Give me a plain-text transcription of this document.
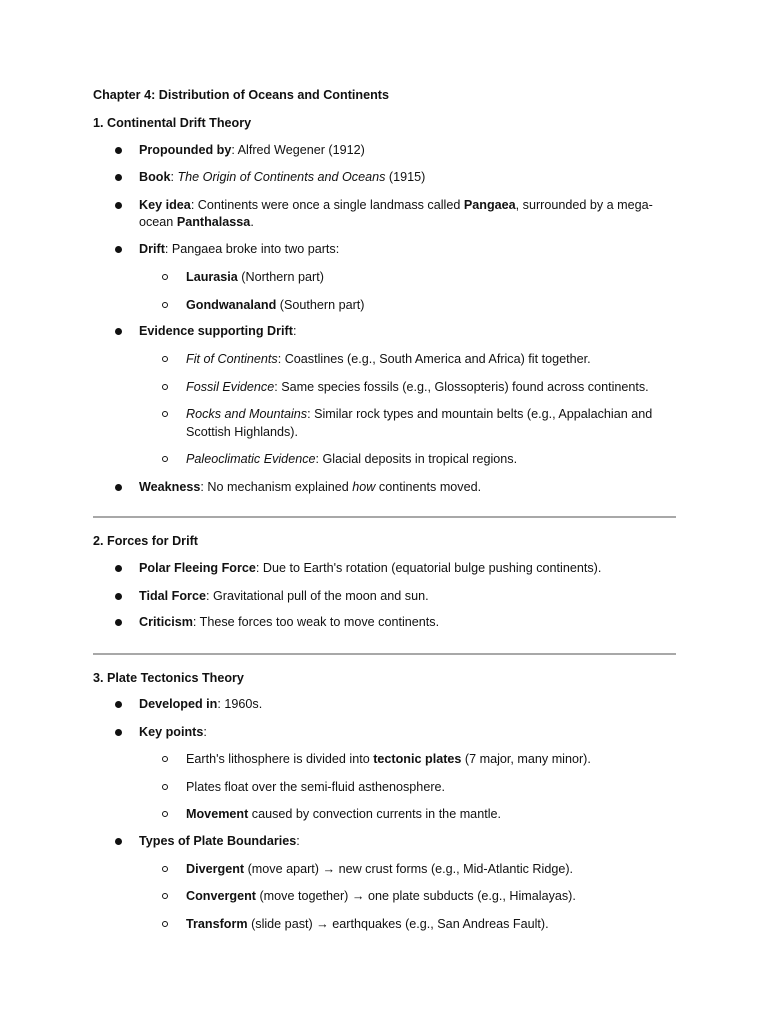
Chapter 4: Distribution of Oceans and Continents
1. Continental Drift Theory
Propounded by: Alfred Wegener (1912)
Book: The Origin of Continents and Oceans (1915)
Key idea: Continents were once a single landmass called Pangaea, surrounded by a mega-
ocean Panthalassa.
Drift: Pangaea broke into two parts:
Laurasia (Northern part)
Gondwanaland (Southern part)
Evidence supporting Drift:
Fit of Continents: Coastlines (e.g., South America and Africa) fit together.
Fossil Evidence: Same species fossils (e.g., Glossopteris) found across continents.
Rocks and Mountains: Similar rock types and mountain belts (e.g., Appalachian and
Scottish Highlands).
Paleoclimatic Evidence: Glacial deposits in tropical regions.
Weakness: No mechanism explained how continents moved.
2. Forces for Drift
Polar Fleeing Force: Due to Earth's rotation (equatorial bulge pushing continents).
Tidal Force: Gravitational pull of the moon and sun.
Criticism: These forces too weak to move continents.
3. Plate Tectonics Theory
Developed in: 1960s.
Key points:
Earth's lithosphere is divided into tectonic plates (7 major, many minor).
Plates float over the semi-fluid asthenosphere.
Movement caused by convection currents in the mantle.
Types of Plate Boundaries:
Divergent (move apart) → new crust forms (e.g., Mid-Atlantic Ridge).
Convergent (move together) → one plate subducts (e.g., Himalayas).
Transform (slide past) → earthquakes (e.g., San Andreas Fault).
